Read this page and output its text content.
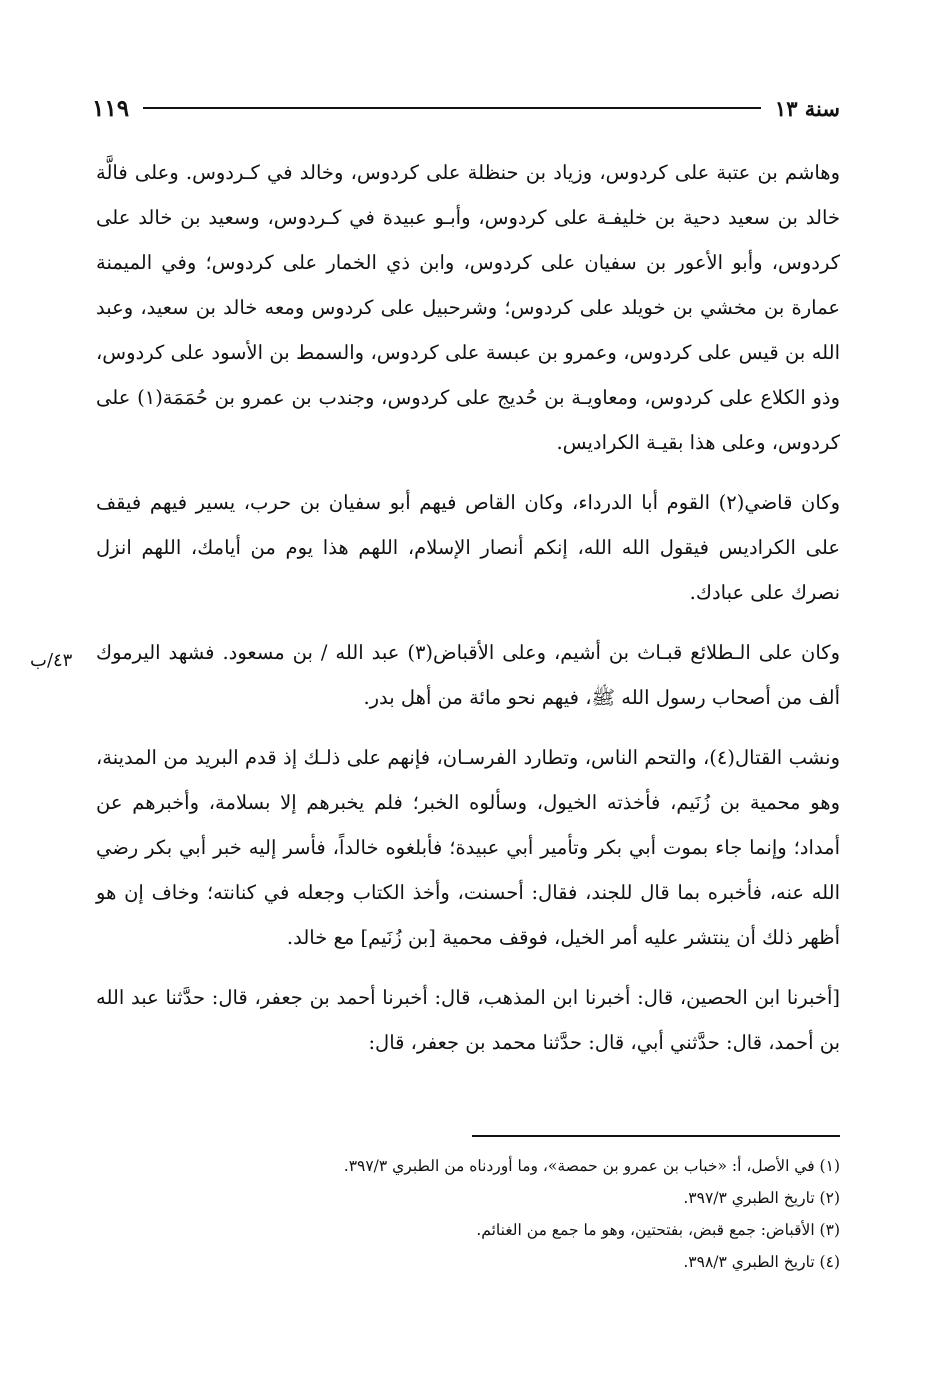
سنة ١٣
١١٩
وهاشم بن عتبة على كردوس، وزياد بن حنظلة على كردوس، وخالد في كـردوس. وعلى فالَّة خالد بن سعيد دحية بن خليفـة على كردوس، وأبـو عبيدة في كـردوس، وسعيد بن خالد على كردوس، وأبو الأعور بن سفيان على كردوس، وابن ذي الخمار على كردوس؛ وفي الميمنة عمارة بن مخشي بن خويلد على كردوس؛ وشرحبيل على كردوس ومعه خالد بن سعيد، وعبد الله بن قيس على كردوس، وعمرو بن عبسة على كردوس، والسمط بن الأسود على كردوس، وذو الكلاع على كردوس، ومعاويـة بن حُديج على كردوس، وجندب بن عمرو بن حُمَمَة(١) على كردوس، وعلى هذا بقيـة الكراديس.
وكان قاضي(٢) القوم أبا الدرداء، وكان القاص فيهم أبو سفيان بن حرب، يسير فيهم فيقف على الكراديس فيقول الله الله، إنكم أنصار الإسلام، اللهم هذا يوم من أيامك، اللهم انزل نصرك على عبادك.
وكان على الـطلائع قبـاث بن أشيم، وعلى الأقباض(٣) عبد الله / بن مسعود. فشهد اليرموك ألف من أصحاب رسول الله ﷺ، فيهم نحو مائة من أهل بدر.
ونشب القتال(٤)، والتحم الناس، وتطارد الفرسـان، فإنهم على ذلـك إذ قدم البريد من المدينة، وهو محمية بن زُنَيم، فأخذته الخيول، وسألوه الخبر؛ فلم يخبرهم إلا بسلامة، وأخبرهم عن أمداد؛ وإنما جاء بموت أبي بكر وتأمير أبي عبيدة؛ فأبلغوه خالداً، فأسر إليه خبر أبي بكر رضي الله عنه، فأخبره بما قال للجند، فقال: أحسنت، وأخذ الكتاب وجعله في كنانته؛ وخاف إن هو أظهر ذلك أن ينتشر عليه أمر الخيل، فوقف محمية [بن زُنَيم] مع خالد.
[أخبرنا ابن الحصين، قال: أخبرنا ابن المذهب، قال: أخبرنا أحمد بن جعفر، قال: حدَّثنا عبد الله بن أحمد، قال: حدَّثني أبي، قال: حدَّثنا محمد بن جعفر، قال:
٤٣/ب
(١) في الأصل، أ: «خباب بن عمرو بن حمصة»، وما أوردناه من الطبري ٣٩٧/٣.
(٢) تاريخ الطبري ٣٩٧/٣.
(٣) الأقباض: جمع قبض، بفتحتين، وهو ما جمع من الغنائم.
(٤) تاريخ الطبري ٣٩٨/٣.
